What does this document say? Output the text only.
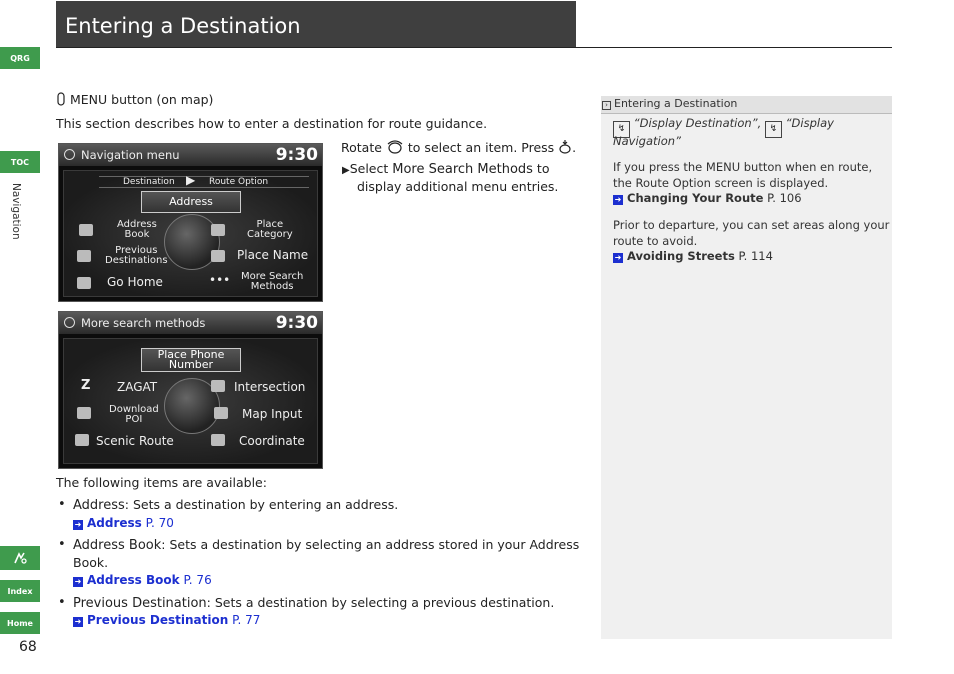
QRG
TOC
Navigation
Index
Home
68
Entering a Destination
MENU button (on map)
This section describes how to enter a destination for route guidance.
Rotate to select an item. Press .
▶Select More Search Methods to
display additional menu entries.
Navigation menu	9:30
Destination ▶ Route Option
Address
Address
Book
Place
Category
Previous
Destinations	Place Name
Go Home	••• More Search
Methods
More search methods	9:30
Place Phone
Number
Z ZAGAT	Intersection
Download
POI	Map Input
Scenic Route	Coordinate
The following items are available:
• Address: Sets a destination by entering an address.
➜ Address P. 70
• Address Book: Sets a destination by selecting an address stored in your Address
Book.
➜ Address Book P. 76
• Previous Destination: Sets a destination by selecting a previous destination.
➜ Previous Destination P. 77
› Entering a Destination
↯ “Display Destination”, ↯ “Display
Navigation”
If you press the MENU button when en route,
the Route Option screen is displayed.
➜ Changing Your Route P. 106
Prior to departure, you can set areas along your
route to avoid.
➜ Avoiding Streets P. 114
